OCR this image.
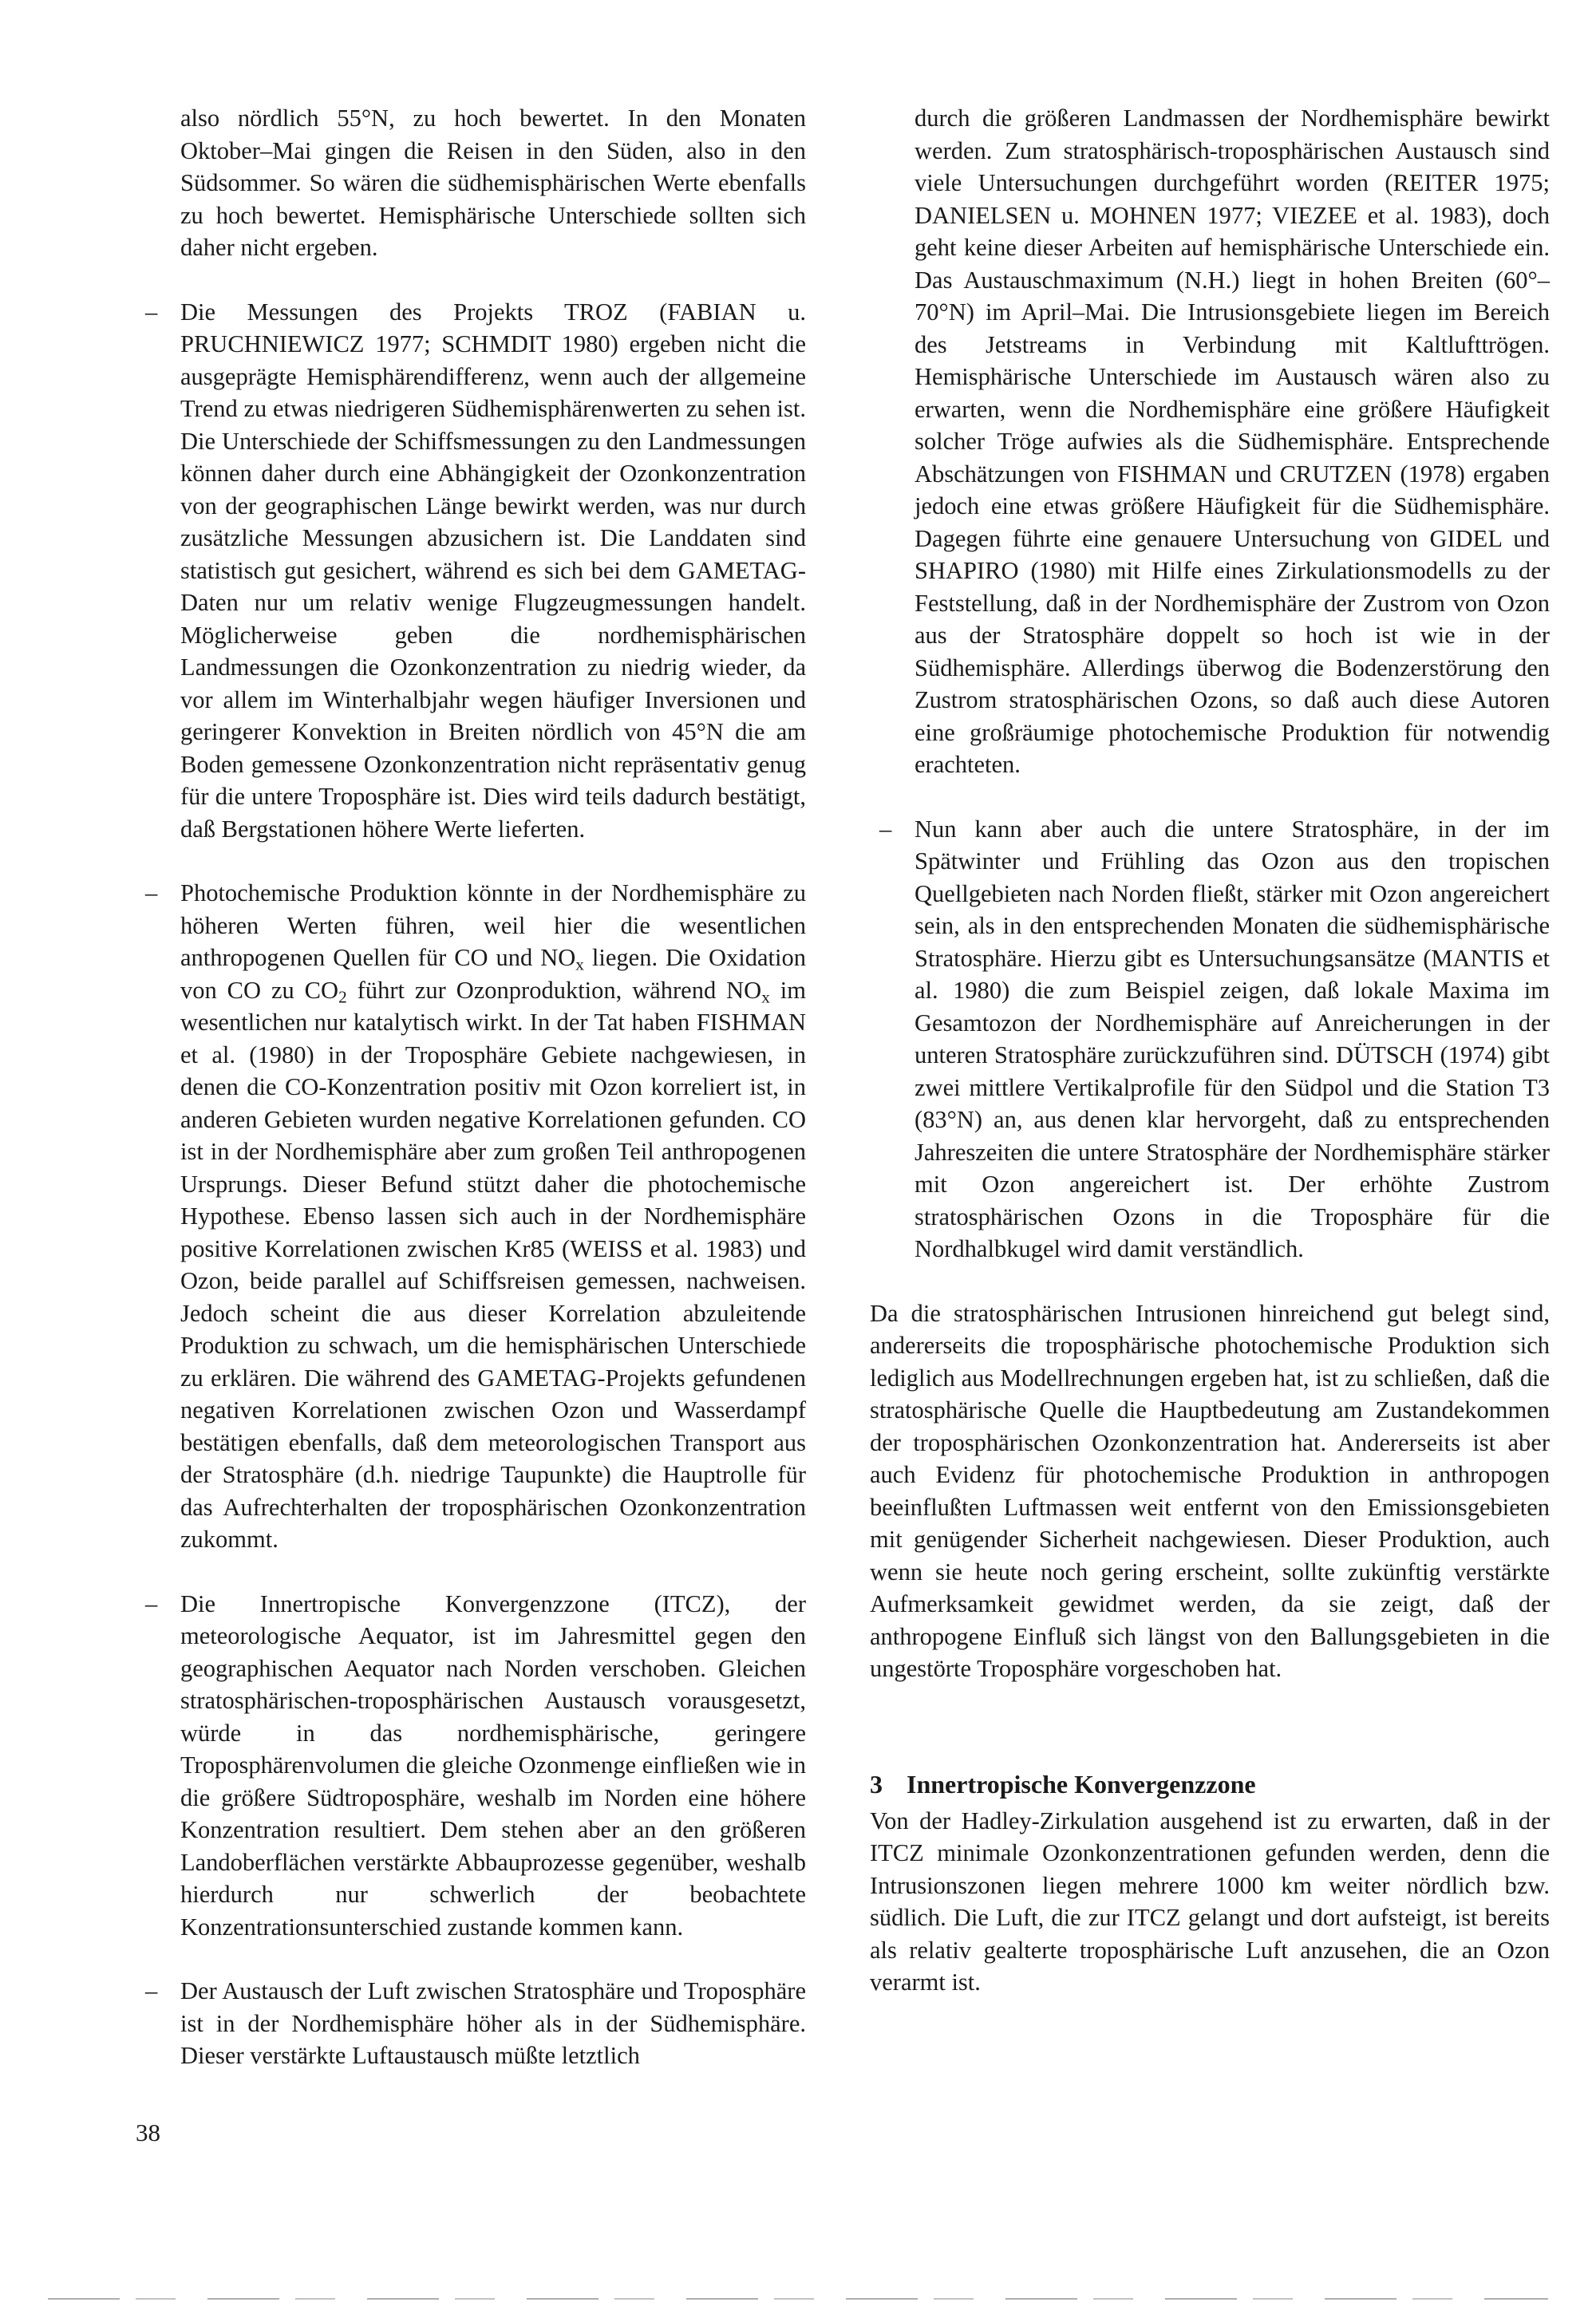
also nördlich 55°N, zu hoch bewertet. In den Monaten Oktober–Mai gingen die Reisen in den Süden, also in den Südsommer. So wären die südhemisphärischen Werte ebenfalls zu hoch bewertet. Hemisphärische Unterschiede sollten sich daher nicht ergeben.

– Die Messungen des Projekts TROZ (FABIAN u. PRUCHNIEWICZ 1977; SCHMDIT 1980) ergeben nicht die ausgeprägte Hemisphärendifferenz, wenn auch der allgemeine Trend zu etwas niedrigeren Südhemisphärenwerten zu sehen ist. Die Unterschiede der Schiffsmessungen zu den Landmessungen können daher durch eine Abhängigkeit der Ozonkonzentration von der geographischen Länge bewirkt werden, was nur durch zusätzliche Messungen abzusichern ist. Die Landdaten sind statistisch gut gesichert, während es sich bei dem GAMETAG-Daten nur um relativ wenige Flugzeugmessungen handelt. Möglicherweise geben die nordhemisphärischen Landmessungen die Ozonkonzentration zu niedrig wieder, da vor allem im Winterhalbjahr wegen häufiger Inversionen und geringerer Konvektion in Breiten nördlich von 45°N die am Boden gemessene Ozonkonzentration nicht repräsentativ genug für die untere Troposphäre ist. Dies wird teils dadurch bestätigt, daß Bergstationen höhere Werte lieferten.
– Photochemische Produktion könnte in der Nordhemisphäre zu höheren Werten führen, weil hier die wesentlichen anthropogenen Quellen für CO und $NO_x$ liegen. Die Oxidation von CO zu $CO_2$ führt zur Ozonproduktion, während $NO_x$ im wesentlichen nur katalytisch wirkt. In der Tat haben FISHMAN et al. (1980) in der Troposphäre Gebiete nachgewiesen, in denen die CO-Konzentration positiv mit Ozon korreliert ist, in anderen Gebieten wurden negative Korrelationen gefunden. CO ist in der Nordhemisphäre aber zum großen Teil anthropogenen Ursprungs. Dieser Befund stützt daher die photochemische Hypothese. Ebenso lassen sich auch in der Nordhemisphäre positive Korrelationen zwischen Kr85 (WEISS et al. 1983) und Ozon, beide parallel auf Schiffsreisen gemessen, nachweisen. Jedoch scheint die aus dieser Korrelation abzuleitende Produktion zu schwach, um die hemisphärischen Unterschiede zu erklären. Die während des GAMETAG-Projekts gefundenen negativen Korrelationen zwischen Ozon und Wasserdampf bestätigen ebenfalls, daß dem meteorologischen Transport aus der Stratosphäre (d.h. niedrige Taupunkte) die Hauptrolle für das Aufrechterhalten der troposphärischen Ozonkonzentration zukommt.
– Die Innertropische Konvergenzzone (ITCZ), der meteorologische Aequator, ist im Jahresmittel gegen den geographischen Aequator nach Norden verschoben. Gleichen stratosphärischen-troposphärischen Austausch vorausgesetzt, würde in das nordhemisphärische, geringere Troposphärenvolumen die gleiche Ozonmenge einfließen wie in die größere Südtroposphäre, weshalb im Norden eine höhere Konzentration resultiert. Dem stehen aber an den größeren Landoberflächen verstärkte Abbauprozesse gegenüber, weshalb hierdurch nur schwerlich der beobachtete Konzentrationsunterschied zustande kommen kann.
– Der Austausch der Luft zwischen Stratosphäre und Troposphäre ist in der Nordhemisphäre höher als in der Südhemisphäre. Dieser verstärkte Luftaustausch müßte letztlich

durch die größeren Landmassen der Nordhemisphäre bewirkt werden. Zum stratosphärisch-troposphärischen Austausch sind viele Untersuchungen durchgeführt worden (REITER 1975; DANIELSEN u. MOHNEN 1977; VIEZEE et al. 1983), doch geht keine dieser Arbeiten auf hemisphärische Unterschiede ein. Das Austauschmaximum (N.H.) liegt in hohen Breiten (60°–70°N) im April–Mai. Die Intrusionsgebiete liegen im Bereich des Jetstreams in Verbindung mit Kaltlufttrögen. Hemisphärische Unterschiede im Austausch wären also zu erwarten, wenn die Nordhemisphäre eine größere Häufigkeit solcher Tröge aufwies als die Südhemisphäre. Entsprechende Abschätzungen von FISHMAN und CRUTZEN (1978) ergaben jedoch eine etwas größere Häufigkeit für die Südhemisphäre. Dagegen führte eine genauere Untersuchung von GIDEL und SHAPIRO (1980) mit Hilfe eines Zirkulationsmodells zu der Feststellung, daß in der Nordhemisphäre der Zustrom von Ozon aus der Stratosphäre doppelt so hoch ist wie in der Südhemisphäre. Allerdings überwog die Bodenzerstörung den Zustrom stratosphärischen Ozons, so daß auch diese Autoren eine großräumige photochemische Produktion für notwendig erachteten.

– Nun kann aber auch die untere Stratosphäre, in der im Spätwinter und Frühling das Ozon aus den tropischen Quellgebieten nach Norden fließt, stärker mit Ozon angereichert sein, als in den entsprechenden Monaten die südhemisphärische Stratosphäre. Hierzu gibt es Untersuchungsansätze (MANTIS et al. 1980) die zum Beispiel zeigen, daß lokale Maxima im Gesamtozon der Nordhemisphäre auf Anreicherungen in der unteren Stratosphäre zurückzuführen sind. DÜTSCH (1974) gibt zwei mittlere Vertikalprofile für den Südpol und die Station T3 (83°N) an, aus denen klar hervorgeht, daß zu entsprechenden Jahreszeiten die untere Stratosphäre der Nordhemisphäre stärker mit Ozon angereichert ist. Der erhöhte Zustrom stratosphärischen Ozons in die Troposphäre für die Nordhalbkugel wird damit verständlich.

Da die stratosphärischen Intrusionen hinreichend gut belegt sind, andererseits die troposphärische photochemische Produktion sich lediglich aus Modellrechnungen ergeben hat, ist zu schließen, daß die stratosphärische Quelle die Hauptbedeutung am Zustandekommen der troposphärischen Ozonkonzentration hat. Andererseits ist aber auch Evidenz für photochemische Produktion in anthropogen beeinflußten Luftmassen weit entfernt von den Emissionsgebieten mit genügender Sicherheit nachgewiesen. Dieser Produktion, auch wenn sie heute noch gering erscheint, sollte zukünftig verstärkte Aufmerksamkeit gewidmet werden, da sie zeigt, daß der anthropogene Einfluß sich längst von den Ballungsgebieten in die ungestörte Troposphäre vorgeschoben hat.

3 Innertropische Konvergenzzone

Von der Hadley-Zirkulation ausgehend ist zu erwarten, daß in der ITCZ minimale Ozonkonzentrationen gefunden werden, denn die Intrusionszonen liegen mehrere 1000 km weiter nördlich bzw. südlich. Die Luft, die zur ITCZ gelangt und dort aufsteigt, ist bereits als relativ gealterte troposphärische Luft anzusehen, die an Ozon verarmt ist.

38
